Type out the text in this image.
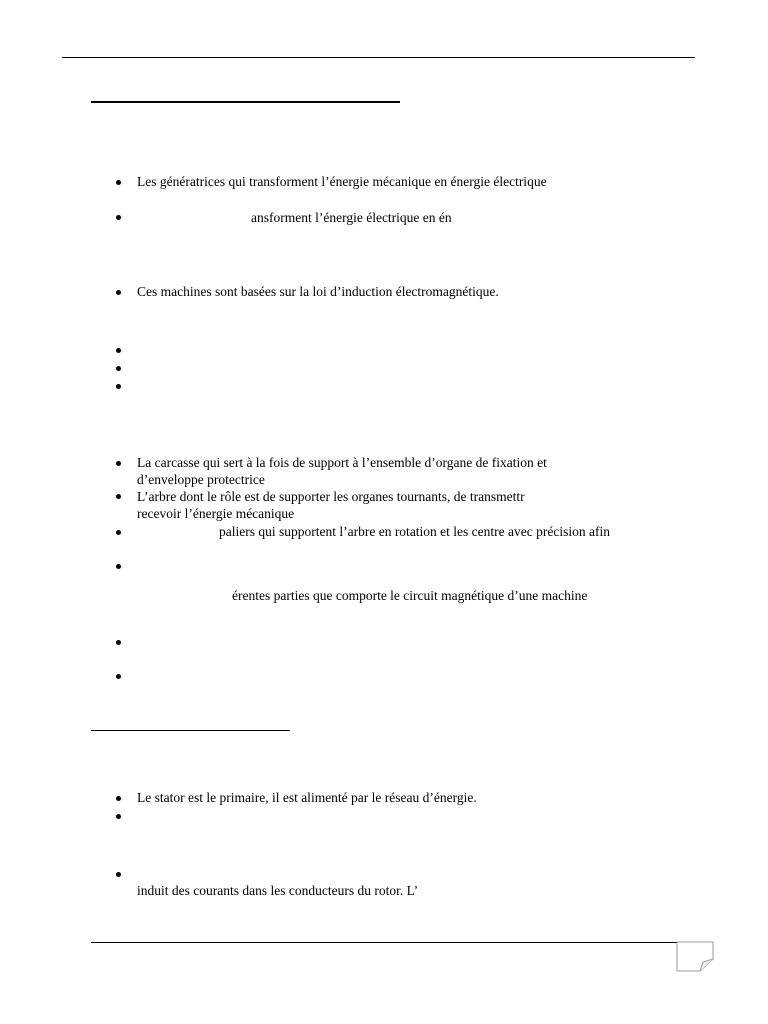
Les génératrices qui transforment l’énergie mécanique en énergie électrique
ansforment l’énergie électrique en én
Ces machines sont basées sur la loi d’induction électromagnétique.
La carcasse qui sert à la fois de support à l’ensemble d’organe de fixation et
d’enveloppe protectrice
L’arbre dont le rôle est de supporter les organes tournants, de transmettr
recevoir l’énergie mécanique
paliers qui supportent l’arbre en rotation et les centre avec précision afin
érentes parties que comporte le circuit magnétique d’une machine
Le stator est le primaire, il est alimenté par le réseau d’énergie.
induit des courants dans les conducteurs du rotor. L’
